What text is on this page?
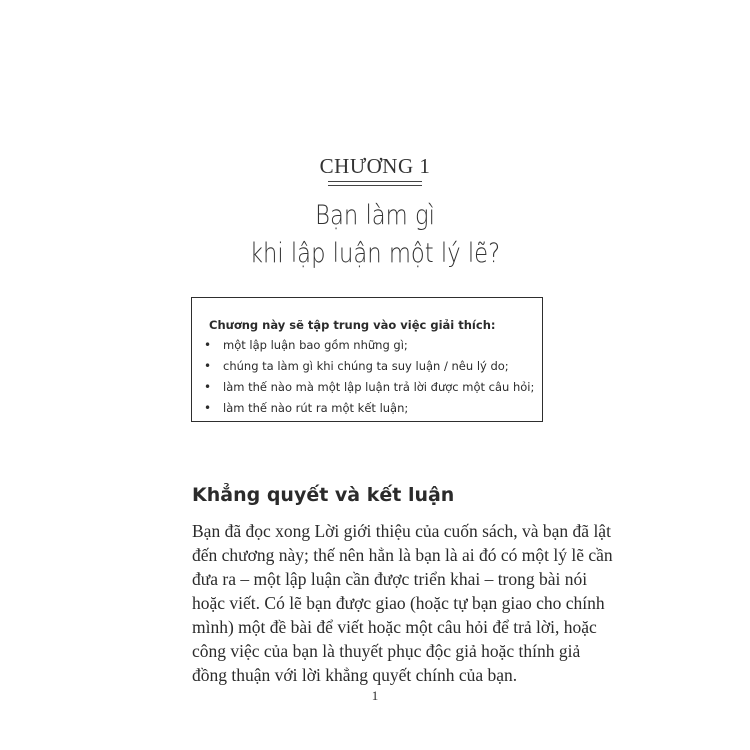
CHƯƠNG 1
Bạn làm gì
khi lập luận một lý lẽ?
Chương này sẽ tập trung vào việc giải thích:
• một lập luận bao gồm những gì;
• chúng ta làm gì khi chúng ta suy luận / nêu lý do;
• làm thế nào mà một lập luận trả lời được một câu hỏi;
• làm thế nào rút ra một kết luận;
Khẳng quyết và kết luận
Bạn đã đọc xong Lời giới thiệu của cuốn sách, và bạn đã lật
đến chương này; thế nên hẳn là bạn là ai đó có một lý lẽ cần
đưa ra – một lập luận cần được triển khai – trong bài nói
hoặc viết. Có lẽ bạn được giao (hoặc tự bạn giao cho chính
mình) một đề bài để viết hoặc một câu hỏi để trả lời, hoặc
công việc của bạn là thuyết phục độc giả hoặc thính giả
đồng thuận với lời khẳng quyết chính của bạn.
1
